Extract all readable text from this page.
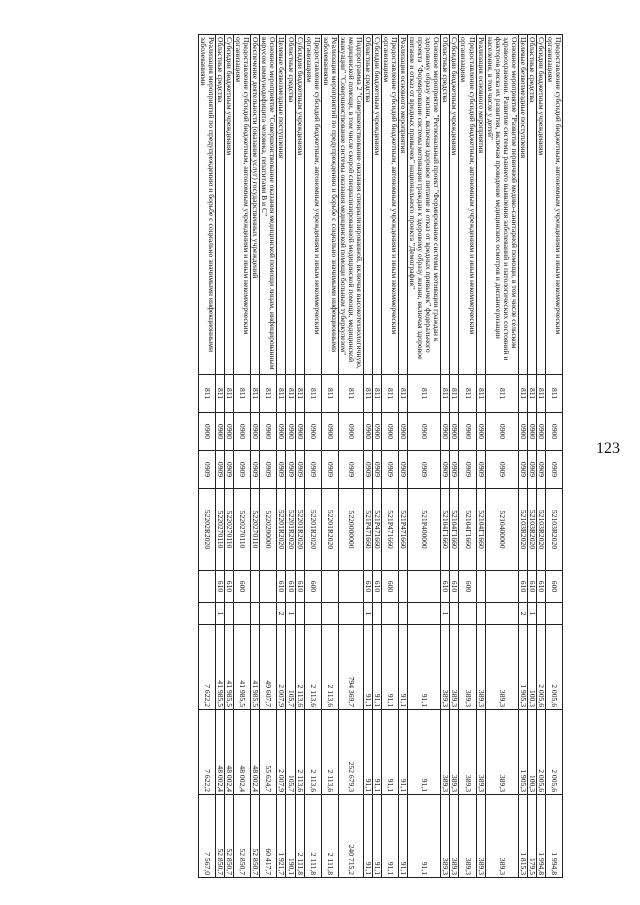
123
Предоставление субсидий бюджетным, автономным учреждениям и иным некоммерческим организациям	811	0900	0909	52103R2020	600		2 005,6	2 005,6	1 994,8
Субсидии бюджетным учреждениям	811	0900	0909	52103R2020	610		2 005,6	2 005,6	1 994,8
Областные средства	811	0900	0909	52103R2020	610	1	100,3	100,3	179,5
Целевые безвозмездные поступления	811	0900	0909	52103R2020	610	2	1 905,3	1 905,3	1 815,3
Основное мероприятие "Развитие первичной медико-санитарной помощи, в том числе сельском здравоохранении. Развитие системы раннего выявления заболеваний и патологических состояний и факторов риска их развития, включая проведение медицинских осмотров и диспансеризации населения, в том числе у детей"	811	0900	0909	5210400000			389,3	389,3	389,3
Реализация основного мероприятия	811	0900	0909	52104Г1660			389,3	389,3	389,3
Предоставление субсидий бюджетным, автономным учреждениям и иным некоммерческим организациям	811	0900	0909	52104Г1660	600		389,3	389,3	389,3
Субсидии бюджетным учреждениям	811	0900	0909	52104Г1660	610		389,3	389,3	389,3
Областные средства	811	0900	0909	52104Г1660	610	1	389,3	389,3	389,3
Основное мероприятие "Региональный проект "Формирование системы мотивации граждан к здоровому образу жизни, включая здоровое питание и отказ от вредных привычек" федерального проекта "Формирование системы мотивации граждан к здоровому образу жизни, включая здоровое питание и отказ от вредных привычек" национального проекта "Демография"	811	0900	0909	521Р400000			91,1	91,1	91,1
Реализация основного мероприятия	811	0900	0909	521Р471660			91,1	91,1	91,1
Предоставление субсидий бюджетным, автономным учреждениям и иным некоммерческим организациям	811	0900	0909	521Р471660	600		91,1	91,1	91,1
Субсидии бюджетным учреждениям	811	0900	0909	521Р471660	610		91,1	91,1	91,1
Областные средства	811	0900	0909	521Р471660	610	1	91,1	91,1	91,1
Подпрограмма 2 "Совершенствование оказания специализированной, включая высокотехнологичную, медицинской помощи, в том числе скорой специализированной медицинской помощи, медицинской эвакуации" "Совершенствование системы оказания медицинской помощи больным туберкулезом"	811	0900	0909	5220000000			794 369,7	252 679,3	240 715,2
Реализация мероприятий по предупреждению и борьбе с социально значимыми инфекционными заболеваниями	811	0900	0909	52201R2020			2 113,6	2 113,6	2 111,8
Предоставление субсидий бюджетным, автономным учреждениям и иным некоммерческим организациям	811	0900	0909	52201R2020	600		2 113,6	2 113,6	2 111,8
Субсидии бюджетным учреждениям	811	0900	0909	52201R2020	610		2 113,6	2 113,6	2 111,8
Областные средства	811	0900	0909	52201R2020	610	1	105,7	105,7	190,1
Целевые безвозмездные поступления	811	0900	0909	52201R2020	610	2	2 007,9	2 007,9	1 921,7
Основное мероприятие "Совершенствование оказания медицинской помощи лицам, инфицированным вирусом иммунодефицита человека, гепатитами B и C"	811	0900	0909	5220200000			49 607,7	55 624,7	60 417,7
Обеспечение деятельности (оказание услуг) государственных учреждений	811	0900	0909	5220270110			41 985,5	48 002,4	52 850,7
Предоставление субсидий бюджетным, автономным учреждениям и иным некоммерческим организациям	811	0900	0909	5220270110	600		41 985,5	48 002,4	52 850,7
Субсидии бюджетным учреждениям	811	0900	0909	5220270110	610		41 985,5	48 002,4	52 850,7
Областные средства	811	0900	0909	5220270110	610	1	41 985,5	48 002,4	52 850,7
Реализация мероприятий по предупреждению и борьбе с социально значимыми инфекционными заболеваниями	811	0900	0909	52202R2020			7 622,2	7 622,2	7 567,0
